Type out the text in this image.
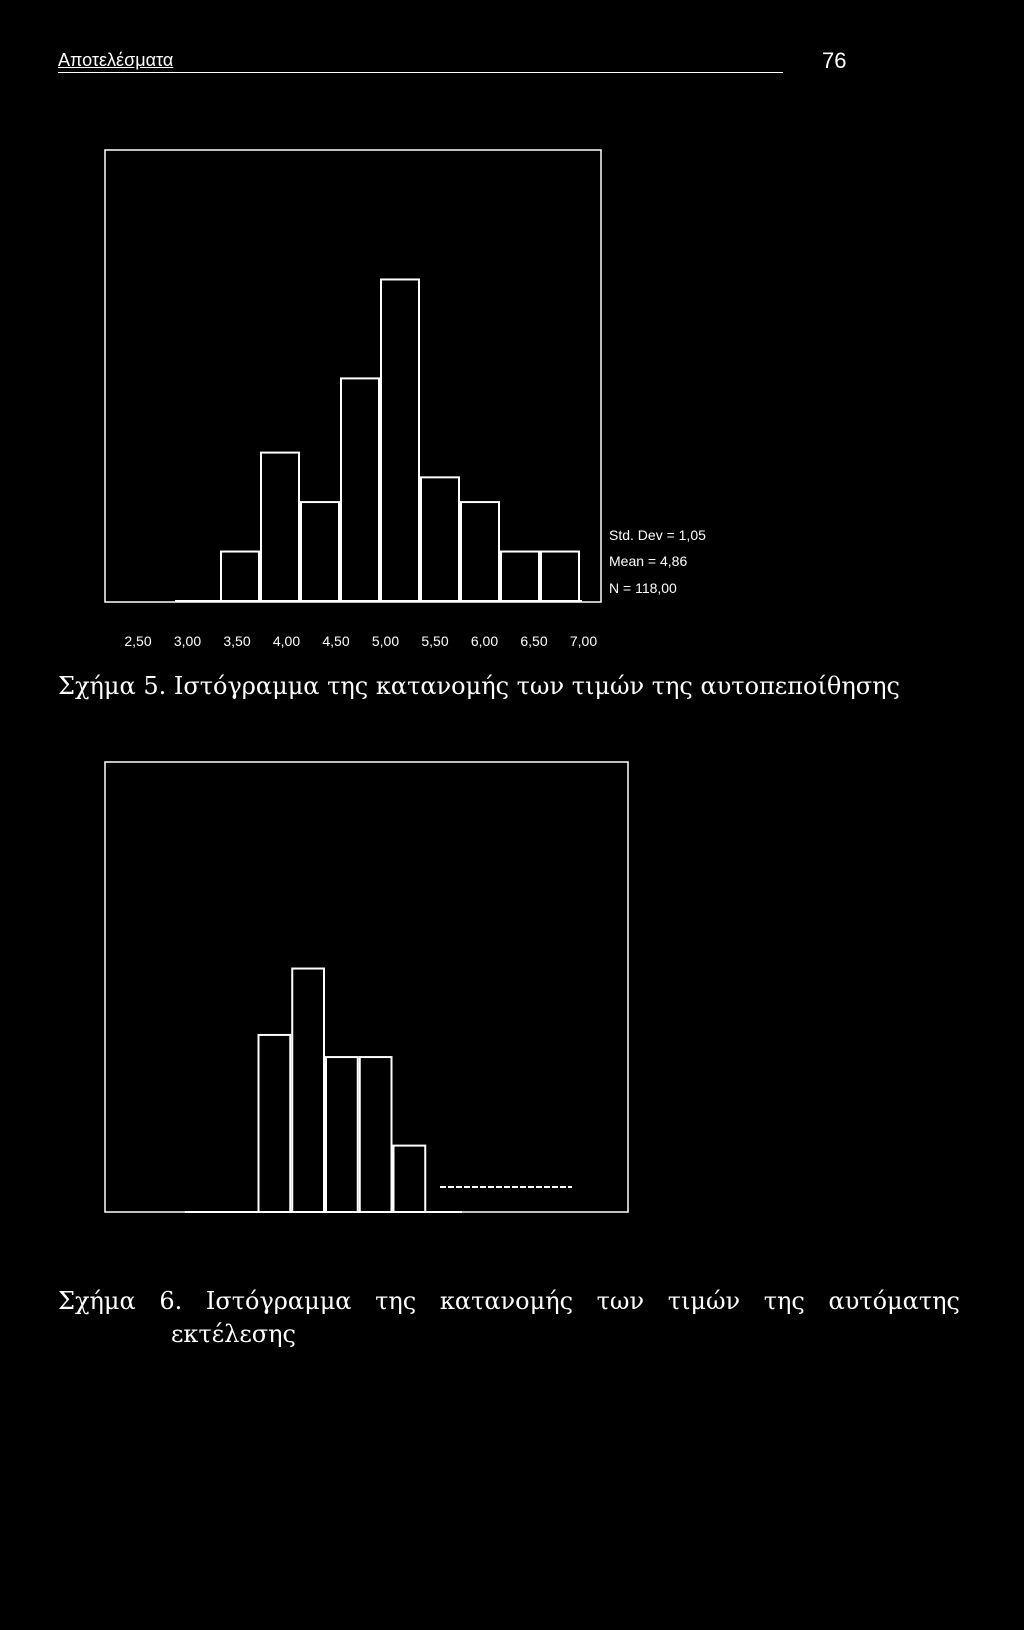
Αποτελέσματα	76
2,50 3,00 3,50 4,00 4,50 5,00 5,50 6,00 6,50 7,00
Std. Dev = 1,05
Mean = 4,86
N = 118,00
Σχήμα 5. Ιστόγραμμα της κατανομής των τιμών της αυτοπεποίθησης
Σχήμα 6. Ιστόγραμμα της κατανομής των τιμών της αυτόματης
εκτέλεσης
